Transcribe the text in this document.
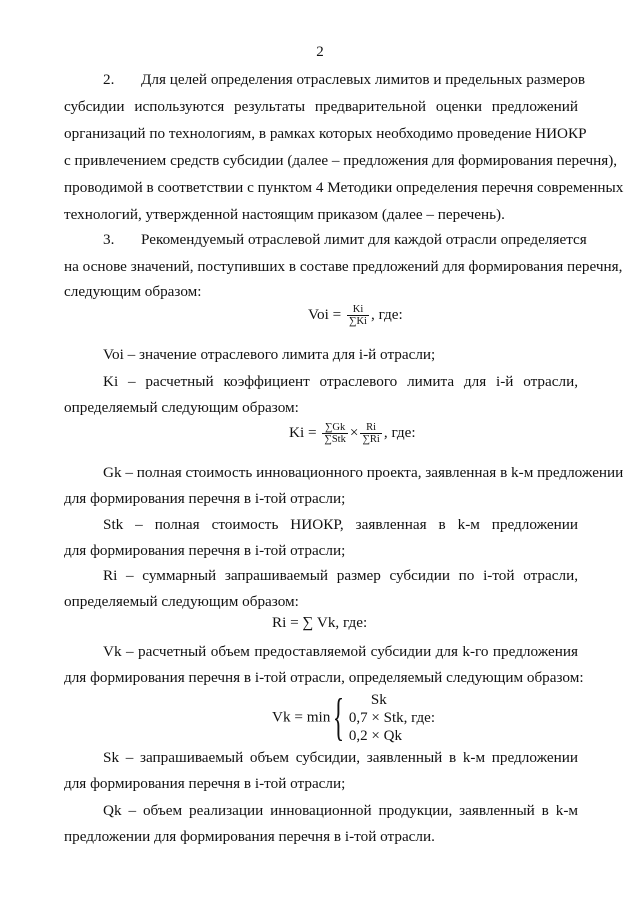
2
2. Для целей определения отраслевых лимитов и предельных размеров
субсидии используются результаты предварительной оценки предложений
организаций по технологиям, в рамках которых необходимо проведение НИОКР
с привлечением средств субсидии (далее – предложения для формирования перечня),
проводимой в соответствии с пунктом 4 Методики определения перечня современных
технологий, утвержденной настоящим приказом (далее – перечень).
3. Рекомендуемый отраслевой лимит для каждой отрасли определяется
на основе значений, поступивших в составе предложений для формирования перечня,
следующим образом:
Voi = $\frac{Ki}{\sum Ki}$ , где:
Voi – значение отраслевого лимита для i-й отрасли;
Ki – расчетный коэффициент отраслевого лимита для i-й отрасли,
определяемый следующим образом:
$Ki = \frac{\sum Gk}{\text{∑Stk}} \times \frac{Ri}{\sum Ri}$ , где:
Gk – полная стоимость инновационного проекта, заявленная в k-м предложении
для формирования перечня в i-той отрасли;
Stk – полная стоимость НИОКР, заявленная в k-м предложении
для формирования перечня в i-той отрасли;
Ri – суммарный запрашиваемый размер субсидии по i-той отрасли,
определяемый следующим образом:
Ri = ∑ Vk, где:
Vk – расчетный объем предоставляемой субсидии для k-го предложения
для формирования перечня в i-той отрасли, определяемый следующим образом:
Vk = min {	Sk
0,7 × Stk, где:
0,2 × Qk
Sk – запрашиваемый объем субсидии, заявленный в k-м предложении
для формирования перечня в i-той отрасли;
Qk – объем реализации инновационной продукции, заявленный в k-м
предложении для формирования перечня в i-той отрасли.
